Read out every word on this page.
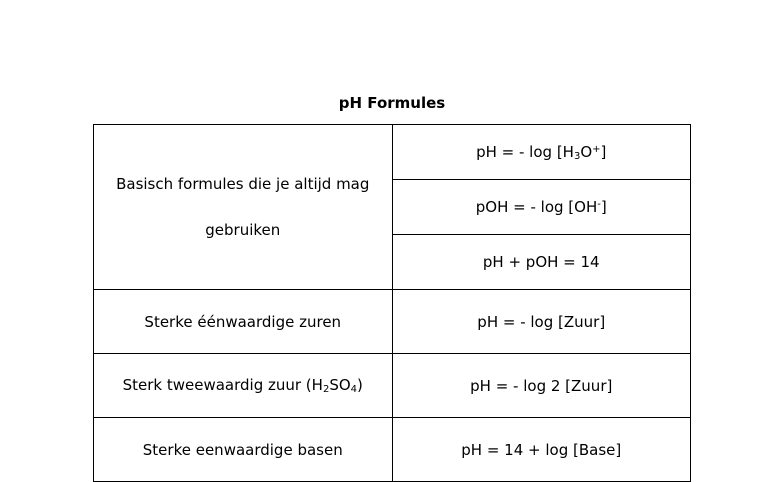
pH Formules
Basisch formules die je altijd mag gebruiken	pH = - $\log [H_3O^+]$
	pOH = - log [OH-]
	pH + pOH = 14
Sterke éénwaardige zuren	pH = - log [Zuur]
Sterk tweewaardig zuur $(H_2SO_4)$	pH = - log 2 [Zuur]
Sterke eenwaardige basen	pH = 14 + log [Base]
